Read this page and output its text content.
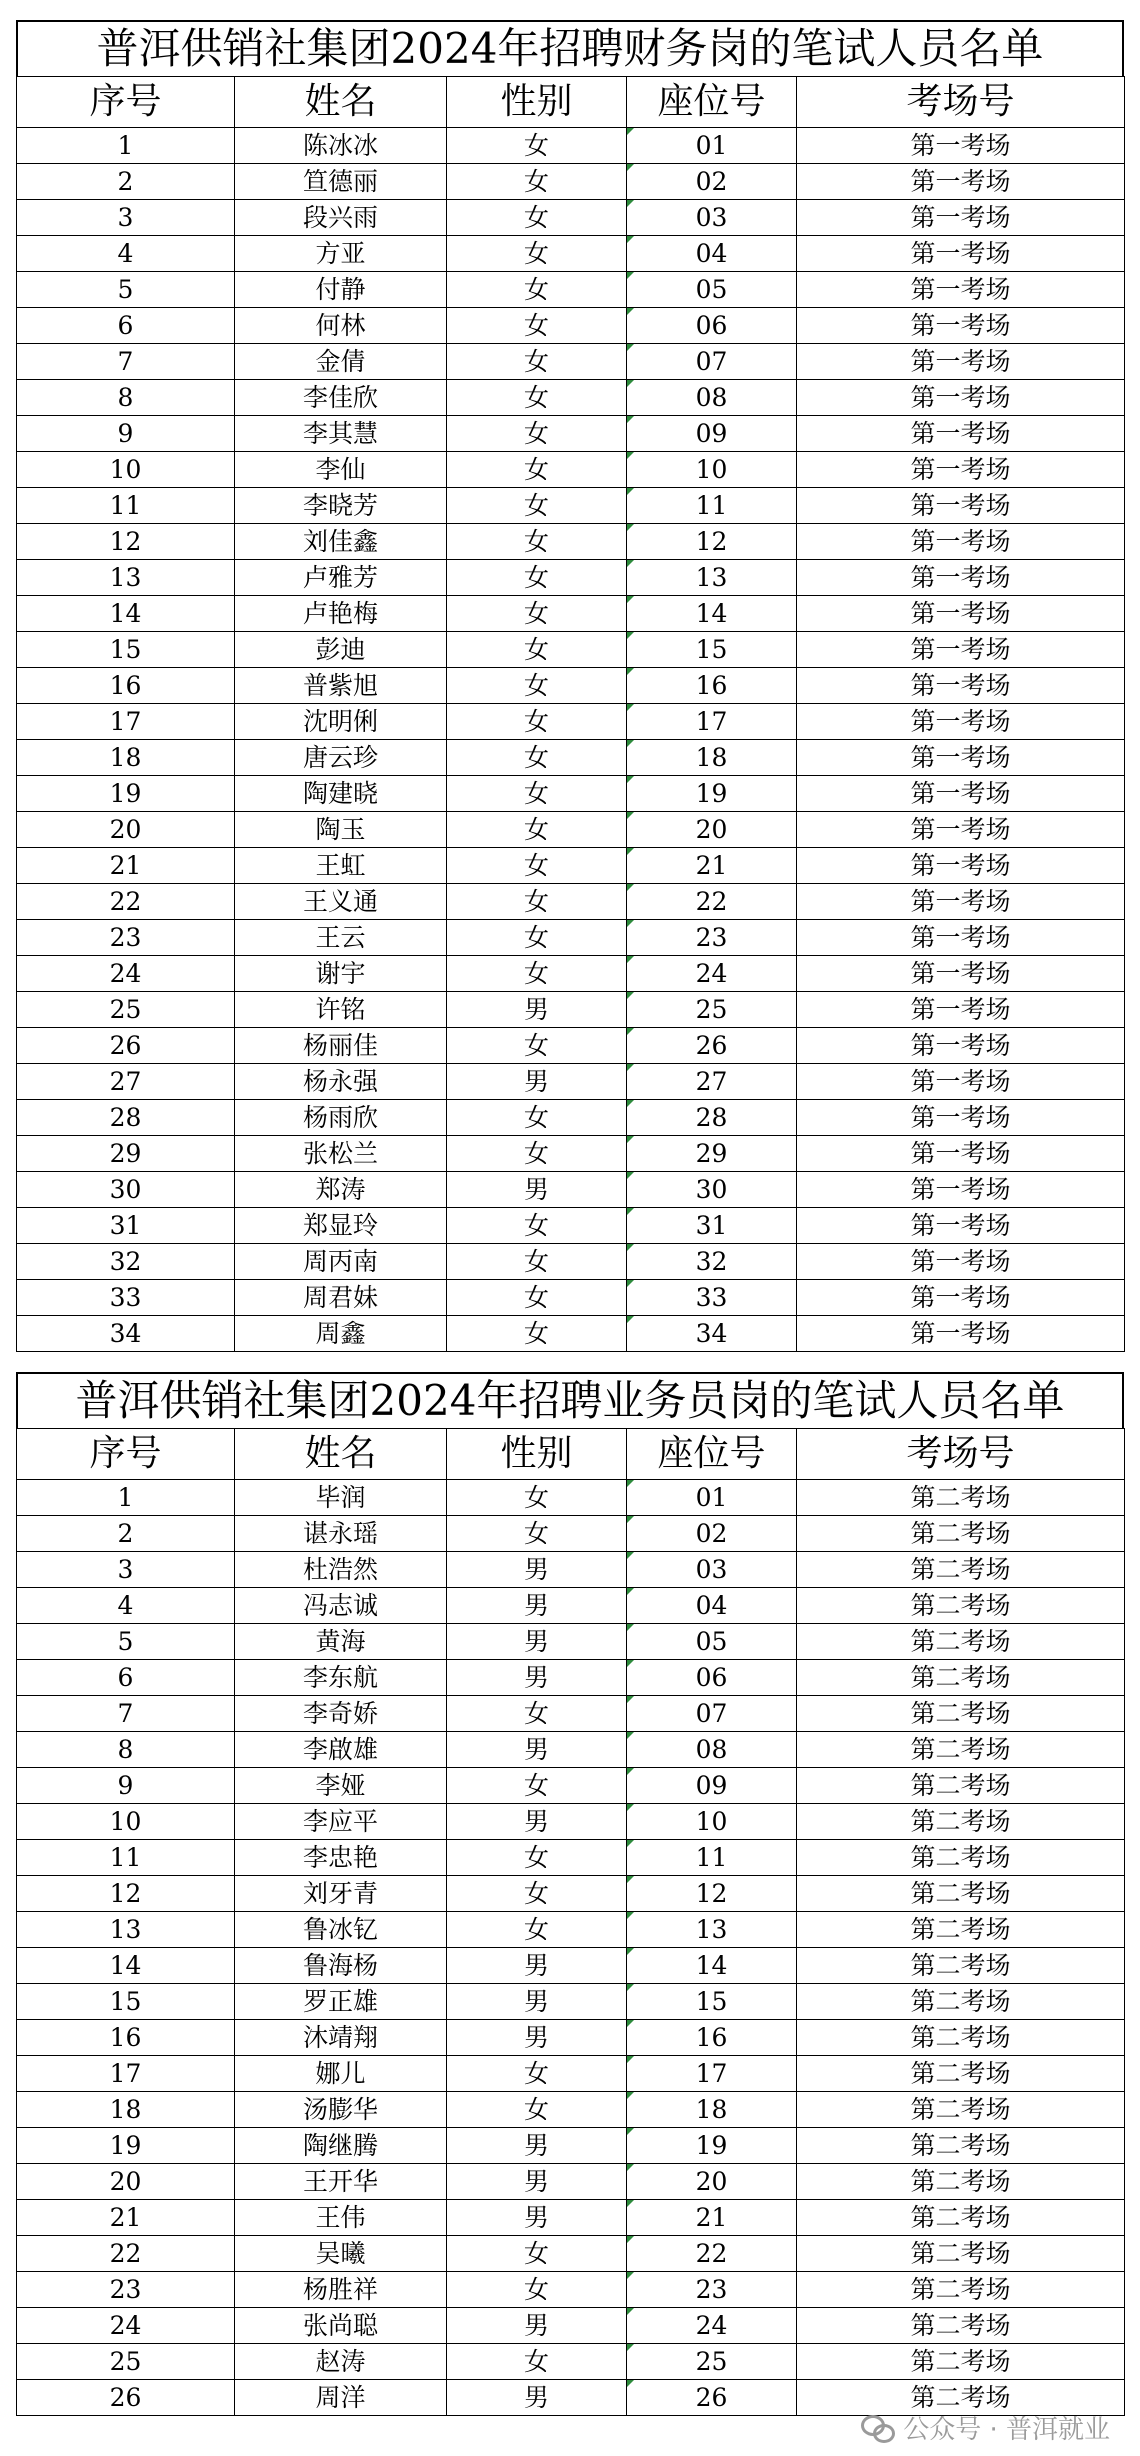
普洱供销社集团2024年招聘财务岗的笔试人员名单
序号	姓名	性别	座位号	考场号
1	陈冰冰	女	01	第一考场
2	笪德丽	女	02	第一考场
3	段兴雨	女	03	第一考场
4	方亚	女	04	第一考场
5	付静	女	05	第一考场
6	何林	女	06	第一考场
7	金倩	女	07	第一考场
8	李佳欣	女	08	第一考场
9	李其慧	女	09	第一考场
10	李仙	女	10	第一考场
11	李晓芳	女	11	第一考场
12	刘佳鑫	女	12	第一考场
13	卢雅芳	女	13	第一考场
14	卢艳梅	女	14	第一考场
15	彭迪	女	15	第一考场
16	普紫旭	女	16	第一考场
17	沈明俐	女	17	第一考场
18	唐云珍	女	18	第一考场
19	陶建晓	女	19	第一考场
20	陶玉	女	20	第一考场
21	王虹	女	21	第一考场
22	王义通	女	22	第一考场
23	王云	女	23	第一考场
24	谢宇	女	24	第一考场
25	许铭	男	25	第一考场
26	杨丽佳	女	26	第一考场
27	杨永强	男	27	第一考场
28	杨雨欣	女	28	第一考场
29	张松兰	女	29	第一考场
30	郑涛	男	30	第一考场
31	郑显玲	女	31	第一考场
32	周丙南	女	32	第一考场
33	周君妹	女	33	第一考场
34	周鑫	女	34	第一考场
普洱供销社集团2024年招聘业务员岗的笔试人员名单
序号	姓名	性别	座位号	考场号
1	毕润	女	01	第二考场
2	谌永瑶	女	02	第二考场
3	杜浩然	男	03	第二考场
4	冯志诚	男	04	第二考场
5	黄海	男	05	第二考场
6	李东航	男	06	第二考场
7	李奇娇	女	07	第二考场
8	李啟雄	男	08	第二考场
9	李娅	女	09	第二考场
10	李应平	男	10	第二考场
11	李忠艳	女	11	第二考场
12	刘牙青	女	12	第二考场
13	鲁冰钇	女	13	第二考场
14	鲁海杨	男	14	第二考场
15	罗正雄	男	15	第二考场
16	沐靖翔	男	16	第二考场
17	娜儿	女	17	第二考场
18	汤膨华	女	18	第二考场
19	陶继腾	男	19	第二考场
20	王开华	男	20	第二考场
21	王伟	男	21	第二考场
22	吴曦	女	22	第二考场
23	杨胜祥	女	23	第二考场
24	张尚聪	男	24	第二考场
25	赵涛	女	25	第二考场
26	周洋	男	26	第二考场
公众号 · 普洱就业
